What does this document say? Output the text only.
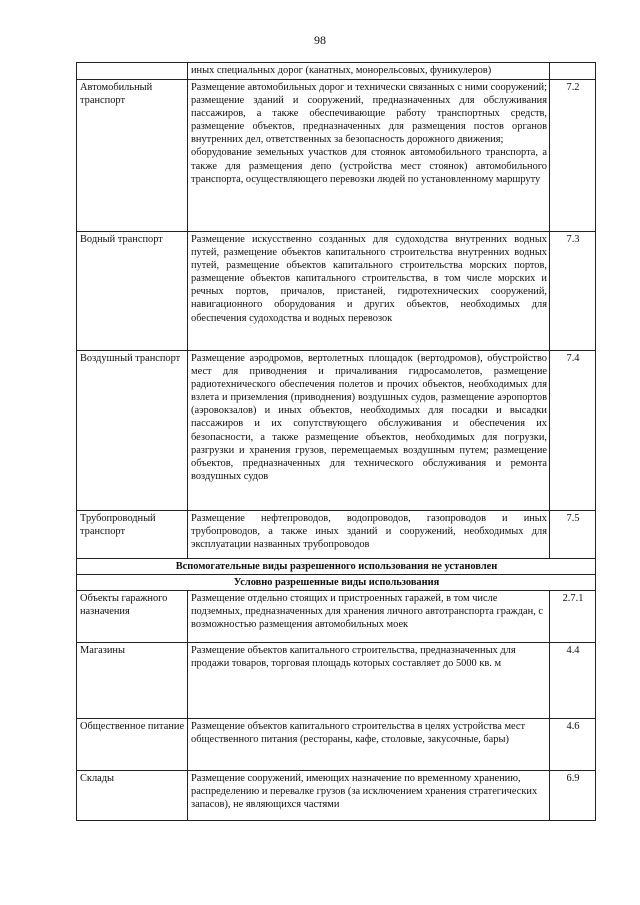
98
	иных специальных дорог (канатных, монорельсовых, фуникулеров)	
Автомобильный транспорт	Размещение автомобильных дорог и технически связанных с ними сооружений; размещение зданий и сооружений, предназначенных для обслуживания пассажиров, а также обеспечивающие работу транспортных средств, размещение объектов, предназначенных для размещения постов органов внутренних дел, ответственных за безопасность дорожного движения;
оборудование земельных участков для стоянок автомобильного транспорта, а также для размещения депо (устройства мест стоянок) автомобильного транспорта, осуществляющего перевозки людей по установленному маршруту	7.2
Водный транспорт	Размещение искусственно созданных для судоходства внутренних водных путей, размещение объектов капитального строительства внутренних водных путей, размещение объектов капитального строительства морских портов, размещение объектов капитального строительства, в том числе морских и речных портов, причалов, пристаней, гидротехнических сооружений, навигационного оборудования и других объектов, необходимых для обеспечения судоходства и водных перевозок	7.3
Воздушный транспорт	Размещение аэродромов, вертолетных площадок (вертодромов), обустройство мест для приводнения и причаливания гидросамолетов, размещение радиотехнического обеспечения полетов и прочих объектов, необходимых для взлета и приземления (приводнения) воздушных судов, размещение аэропортов (аэровокзалов) и иных объектов, необходимых для посадки и высадки пассажиров и их сопутствующего обслуживания и обеспечения их безопасности, а также размещение объектов, необходимых для погрузки, разгрузки и хранения грузов, перемещаемых воздушным путем; размещение объектов, предназначенных для технического обслуживания и ремонта воздушных судов	7.4
Трубопроводный транспорт	Размещение нефтепроводов, водопроводов, газопроводов и иных трубопроводов, а также иных зданий и сооружений, необходимых для эксплуатации названных трубопроводов	7.5
Вспомогательные виды разрешенного использования не установлен		
Условно разрешенные виды использования		
Объекты гаражного назначения	Размещение отдельно стоящих и пристроенных гаражей, в том числе подземных, предназначенных для хранения личного автотранспорта граждан, с возможностью размещения автомобильных моек	2.7.1
Магазины	Размещение объектов капитального строительства, предназначенных для продажи товаров, торговая площадь которых составляет до 5000 кв. м	4.4
Общественное питание	Размещение объектов капитального строительства в целях устройства мест общественного питания (рестораны, кафе, столовые, закусочные, бары)	4.6
Склады	Размещение сооружений, имеющих назначение по временному хранению, распределению и перевалке грузов (за исключением хранения стратегических запасов), не являющихся частями	6.9
